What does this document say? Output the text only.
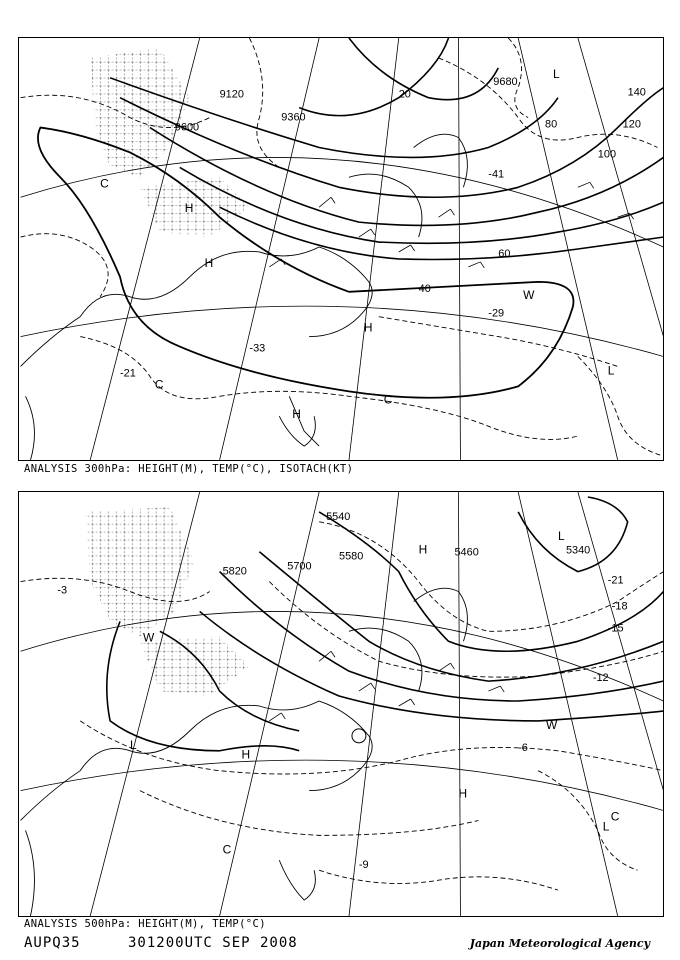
9120
9360
9600
9680
20
40
60
80
100
120
140
-21
-33
-41
-29
L
L
H
H
H
H
W
C
C
C
ANALYSIS 300hPa: HEIGHT(M), TEMP(°C), ISOTACH(KT)
5340
5460
5540
5580
5700
5820
-3
-6
-9
-12
-15
-18
-21
L
L
L
H
H
H
W
W
C
C
ANALYSIS 500hPa: HEIGHT(M), TEMP(°C)
AUPQ35	301200UTC SEP 2008	Japan Meteorological Agency
